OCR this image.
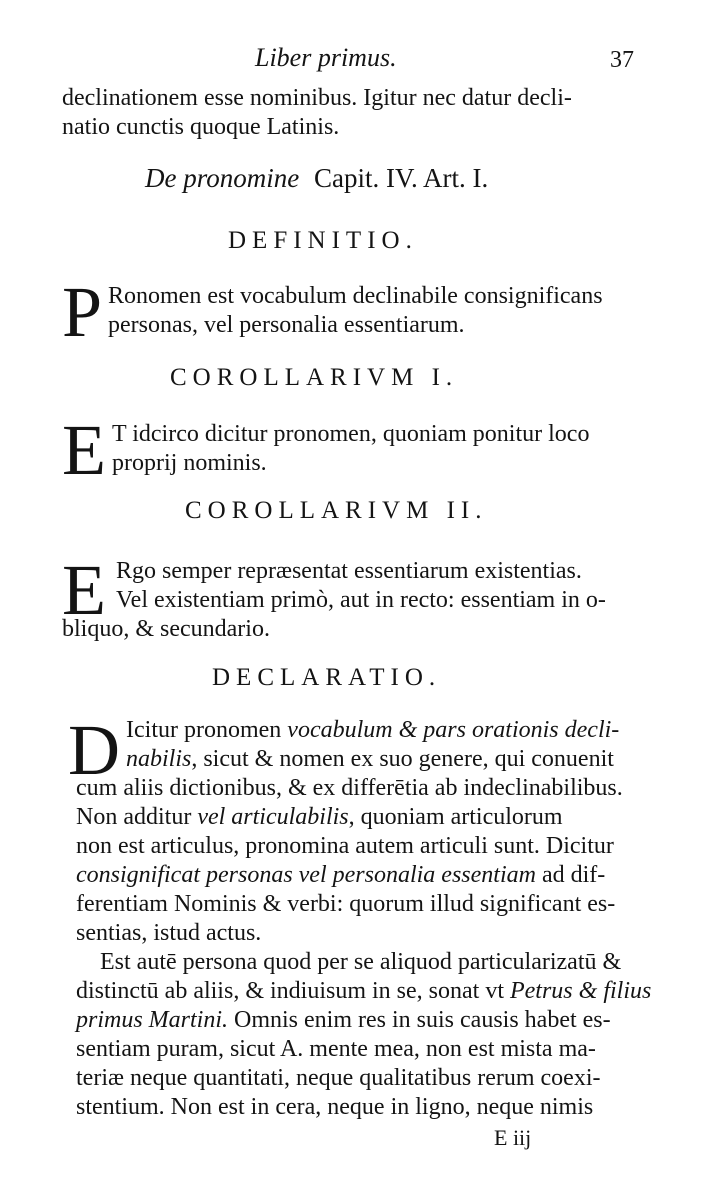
Liber primus.	37
declinationem esse nominibus. Igitur nec datur decli-
natio cunctis quoque Latinis.
De pronomine Capit. IV. Art. I.
DEFINITIO.
P Ronomen est vocabulum declinabile consignificans
personas, vel personalia essentiarum.
COROLLARIVM I.
E T idcirco dicitur pronomen, quoniam ponitur loco
proprij nominis.
COROLLARIVM II.
E Rgo semper repræsentat essentiarum existentias.
Vel existentiam primò, aut in recto: essentiam in o-
bliquo, & secundario.
DECLARATIO.
D Icitur pronomen vocabulum & pars orationis decli-
nabilis, sicut & nomen ex suo genere, qui conuenit
cum aliis dictionibus, & ex differētia ab indeclinabilibus.
Non additur vel articulabilis, quoniam articulorum
non est articulus, pronomina autem articuli sunt. Dicitur
consignificat personas vel personalia essentiam ad dif-
ferentiam Nominis & verbi: quorum illud significant es-
sentias, istud actus.
Est autē persona quod per se aliquod particularizatū &
distinctū ab aliis, & indiuisum in se, sonat vt Petrus & filius
primus Martini. Omnis enim res in suis causis habet es-
sentiam puram, sicut A. mente mea, non est mista ma-
teriæ neque quantitati, neque qualitatibus rerum coexi-
stentium. Non est in cera, neque in ligno, neque nimis
E iij
